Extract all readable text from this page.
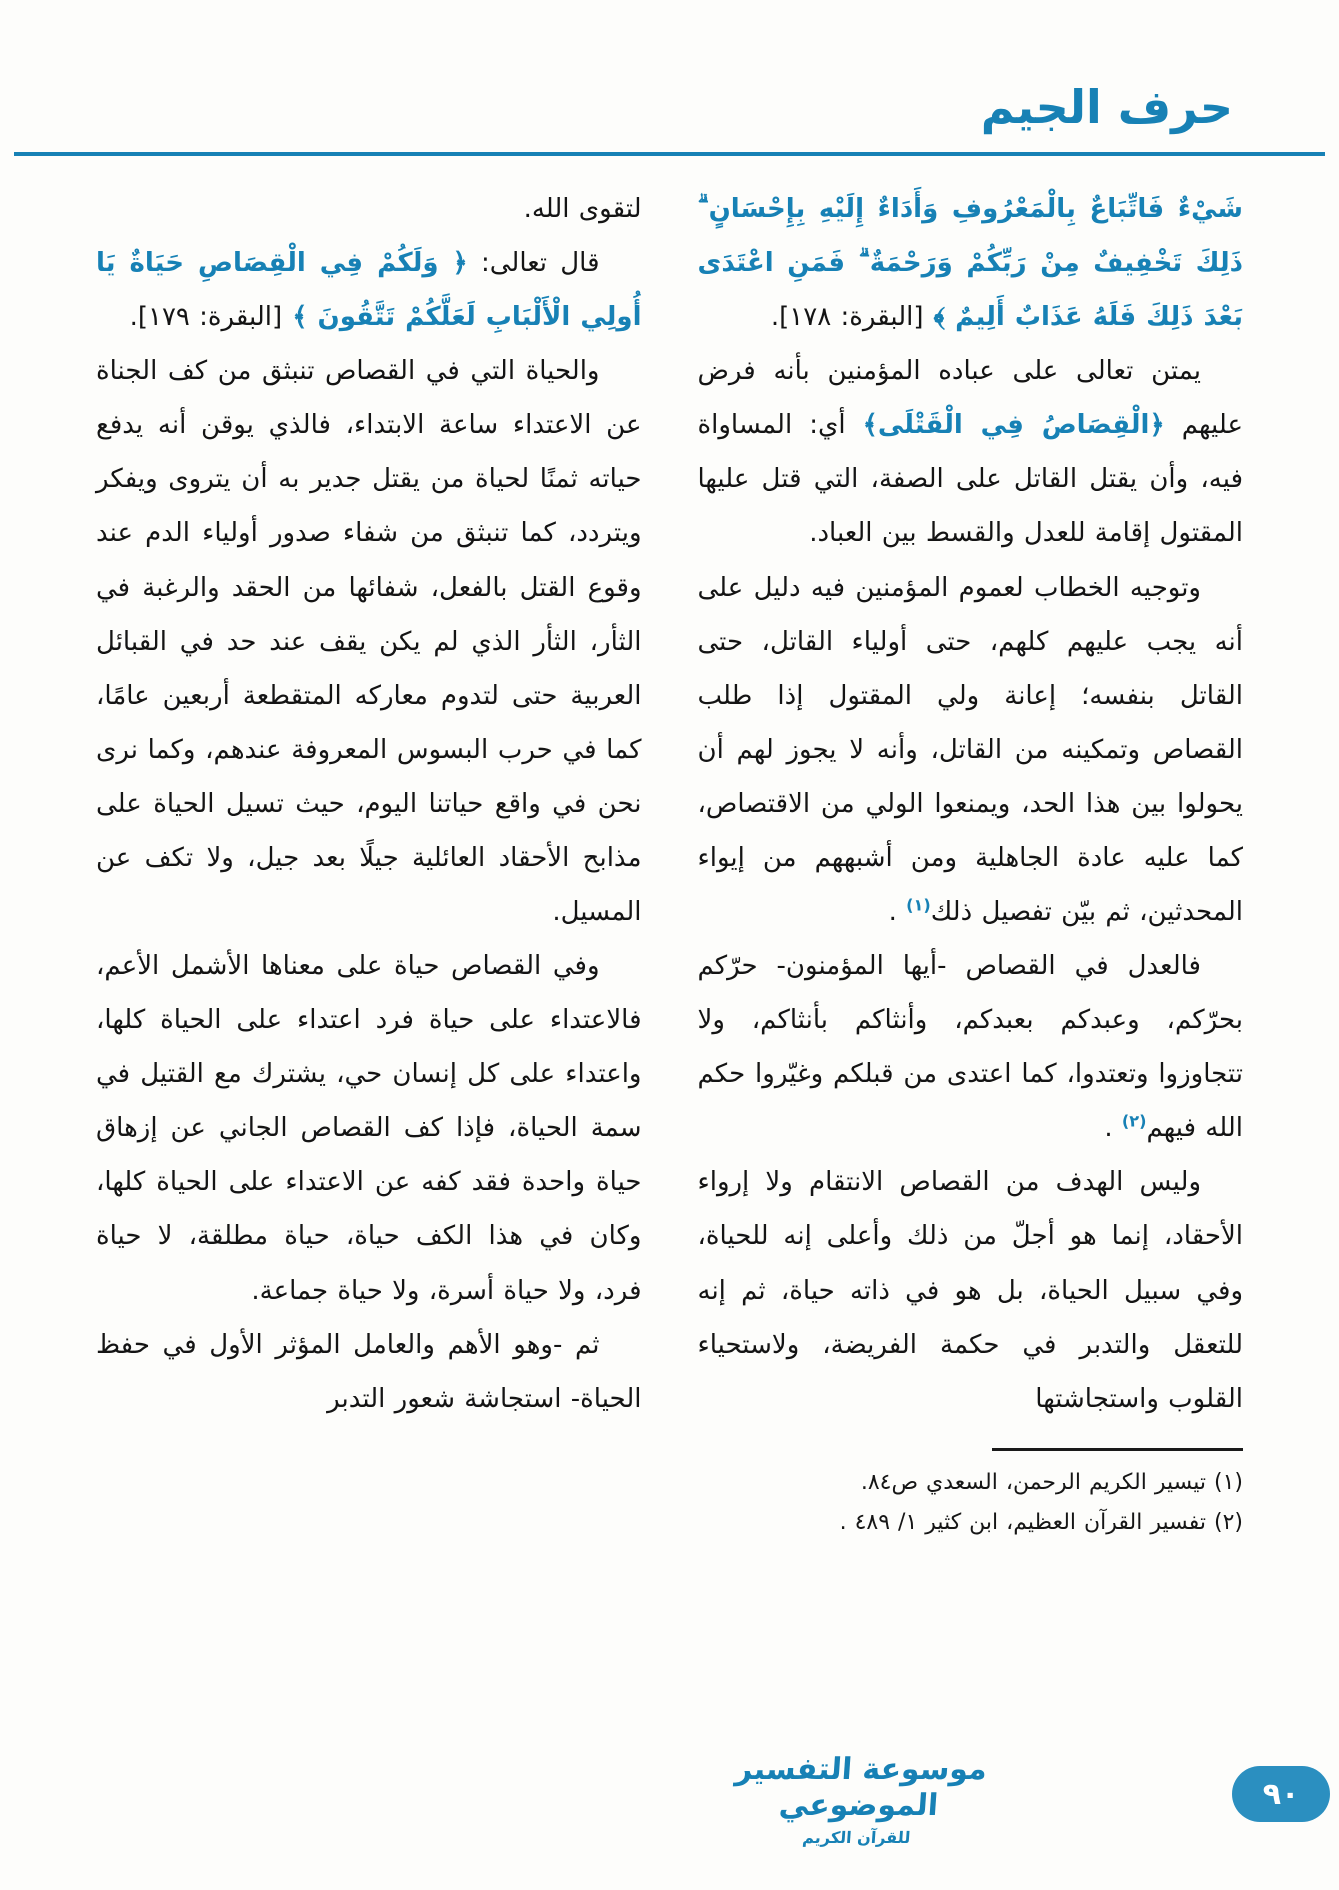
حرف الجيم

شَيْءٌ فَاتِّبَاعٌ بِالْمَعْرُوفِ وَأَدَاءٌ إِلَيْهِ بِإِحْسَانٍ ۗ ذَلِكَ تَخْفِيفٌ مِنْ رَبِّكُمْ وَرَحْمَةٌ ۗ فَمَنِ اعْتَدَى بَعْدَ ذَلِكَ فَلَهُ عَذَابٌ أَلِيمٌ ﴾ [البقرة: ١٧٨].

يمتن تعالى على عباده المؤمنين بأنه فرض عليهم ﴿الْقِصَاصُ فِي الْقَتْلَى﴾ أي: المساواة فيه، وأن يقتل القاتل على الصفة، التي قتل عليها المقتول إقامة للعدل والقسط بين العباد.

وتوجيه الخطاب لعموم المؤمنين فيه دليل على أنه يجب عليهم كلهم، حتى أولياء القاتل، حتى القاتل بنفسه؛ إعانة ولي المقتول إذا طلب القصاص وتمكينه من القاتل، وأنه لا يجوز لهم أن يحولوا بين هذا الحد، ويمنعوا الولي من الاقتصاص، كما عليه عادة الجاهلية ومن أشبههم من إيواء المحدثين، ثم بيّن تفصيل ذلك$^{(١)}$ .

فالعدل في القصاص -أيها المؤمنون- حرّكم بحرّكم، وعبدكم بعبدكم، وأنثاكم بأنثاكم، ولا تتجاوزوا وتعتدوا، كما اعتدى من قبلكم وغيّروا حكم الله فيهم$^{(٢)}$ .

وليس الهدف من القصاص الانتقام ولا إرواء الأحقاد، إنما هو أجلّ من ذلك وأعلى إنه للحياة، وفي سبيل الحياة، بل هو في ذاته حياة، ثم إنه للتعقل والتدبر في حكمة الفريضة، ولاستحياء القلوب واستجاشتها

(١) تيسير الكريم الرحمن، السعدي ص٨٤.

(٢) تفسير القرآن العظيم، ابن كثير ١/ ٤٨٩ .

لتقوى الله.

قال تعالى: ﴿ وَلَكُمْ فِي الْقِصَاصِ حَيَاةٌ يَا أُولِي الْأَلْبَابِ لَعَلَّكُمْ تَتَّقُونَ ﴾ [البقرة: ١٧٩].

والحياة التي في القصاص تنبثق من كف الجناة عن الاعتداء ساعة الابتداء، فالذي يوقن أنه يدفع حياته ثمنًا لحياة من يقتل جدير به أن يتروى ويفكر ويتردد، كما تنبثق من شفاء صدور أولياء الدم عند وقوع القتل بالفعل، شفائها من الحقد والرغبة في الثأر، الثأر الذي لم يكن يقف عند حد في القبائل العربية حتى لتدوم معاركه المتقطعة أربعين عامًا، كما في حرب البسوس المعروفة عندهم، وكما نرى نحن في واقع حياتنا اليوم، حيث تسيل الحياة على مذابح الأحقاد العائلية جيلًا بعد جيل، ولا تكف عن المسيل.

وفي القصاص حياة على معناها الأشمل الأعم، فالاعتداء على حياة فرد اعتداء على الحياة كلها، واعتداء على كل إنسان حي، يشترك مع القتيل في سمة الحياة، فإذا كف القصاص الجاني عن إزهاق حياة واحدة فقد كفه عن الاعتداء على الحياة كلها، وكان في هذا الكف حياة، حياة مطلقة، لا حياة فرد، ولا حياة أسرة، ولا حياة جماعة.

ثم -وهو الأهم والعامل المؤثر الأول في حفظ الحياة- استجاشة شعور التدبر

موسوعة التفسير الموضوعي
للقرآن الكريم
٩٠
